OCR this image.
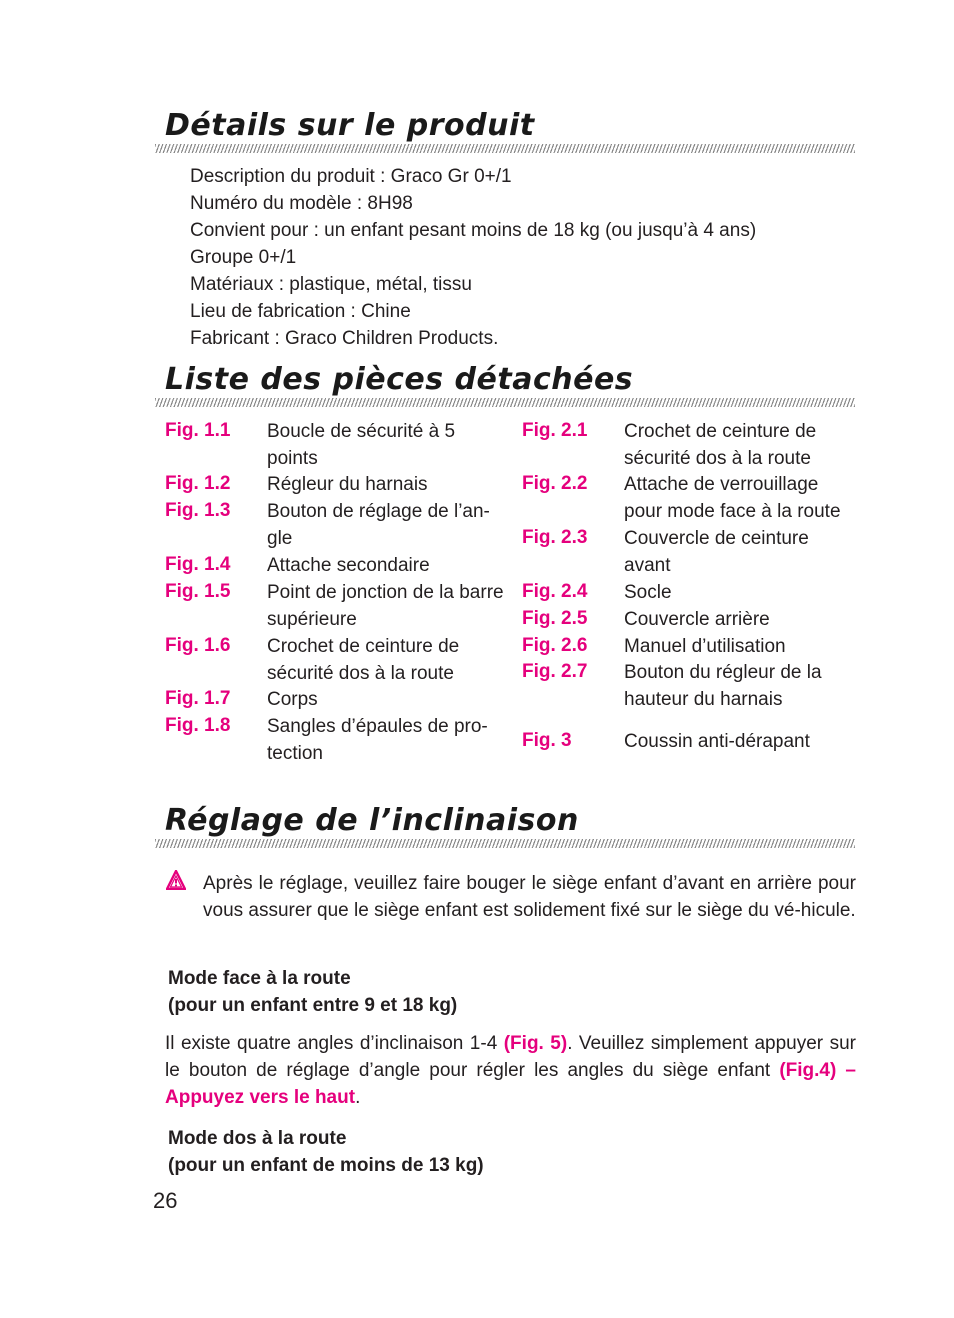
Détails sur le produit
Description du produit : Graco Gr 0+/1
Numéro du modèle : 8H98
Convient pour : un enfant pesant moins de 18 kg (ou jusqu’à 4 ans)
Groupe 0+/1
Matériaux : plastique, métal, tissu
Lieu de fabrication : Chine
Fabricant : Graco Children Products.
Liste des pièces détachées
Fig. 1.1 Boucle de sécurité à 5 points
Fig. 1.2 Régleur du harnais
Fig. 1.3 Bouton de réglage de l’an-gle
Fig. 1.4 Attache secondaire
Fig. 1.5 Point de jonction de la barre supérieure
Fig. 1.6 Crochet de ceinture de sécurité dos à la route
Fig. 1.7 Corps
Fig. 1.8 Sangles d’épaules de pro-tection
Fig. 2.1 Crochet de ceinture de sécurité dos à la route
Fig. 2.2 Attache de verrouillage pour mode face à la route
Fig. 2.3 Couvercle de ceinture avant
Fig. 2.4 Socle
Fig. 2.5 Couvercle arrière
Fig. 2.6 Manuel d’utilisation
Fig. 2.7 Bouton du régleur de la hauteur du harnais
Fig. 3	Coussin anti-dérapant
Réglage de l’inclinaison
Après le réglage, veuillez faire bouger le siège enfant d’avant en arrière pour vous assurer que le siège enfant est solidement fixé sur le siège du vé-hicule.
Mode face à la route
(pour un enfant entre 9 et 18 kg)
Il existe quatre angles d’inclinaison 1-4 (Fig. 5). Veuillez simplement appuyer sur le bouton de réglage d’angle pour régler les angles du siège enfant (Fig.4) – Appuyez vers le haut.
Mode dos à la route
(pour un enfant de moins de 13 kg)
26
